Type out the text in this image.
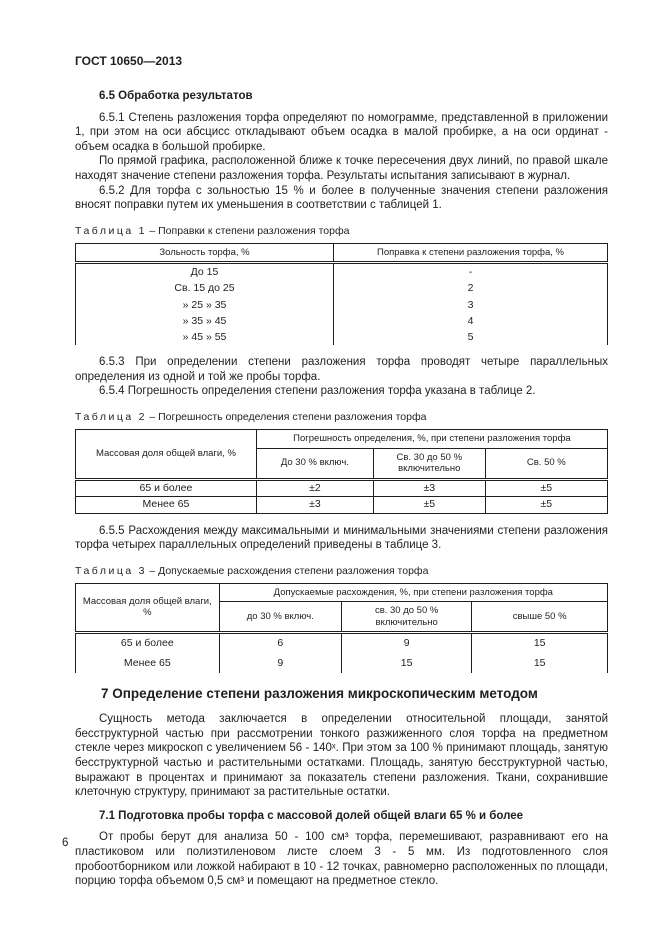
ГОСТ 10650—2013
6.5 Обработка результатов

6.5.1 Степень разложения торфа определяют по номограмме, представленной в приложении 1, при этом на оси абсцисс откладывают объем осадка в малой пробирке, а на оси ординат - объем осадка в большой пробирке.

По прямой графика, расположенной ближе к точке пересечения двух линий, по правой шкале находят значение степени разложения торфа. Результаты испытания записывают в журнал.

6.5.2 Для торфа с зольностью 15 % и более в полученные значения степени разложения вносят поправки путем их уменьшения в соответствии с таблицей 1.

Таблица 1 – Поправки к степени разложения торфа
Зольность торфа, %	Поправка к степени разложения торфа, %
До 15	-
Св. 15 до 25	2
» 25 » 35	3
» 35 » 45	4
» 45 » 55	5

6.5.3 При определении степени разложения торфа проводят четыре параллельных определения из одной и той же пробы торфа.

6.5.4 Погрешность определения степени разложения торфа указана в таблице 2.

Таблица 2 – Погрешность определения степени разложения торфа
Массовая доля общей влаги, %	Погрешность определения, %, при степени разложения торфа		
	До 30 % включ.	Св. 30 до 50 % включительно	Св. 50 %
65 и более	±2	±3	±5
Менее 65	±3	±5	±5

6.5.5 Расхождения между максимальными и минимальными значениями степени разложения торфа четырех параллельных определений приведены в таблице 3.

Таблица 3 – Допускаемые расхождения степени разложения торфа
Массовая доля общей влаги, %	Допускаемые расхождения, %, при степени разложения торфа		
	до 30 % включ.	св. 30 до 50 % включительно	свыше 50 %
65 и более	6	9	15
Менее 65	9	15	15
7 Определение степени разложения микроскопическим методом

Сущность метода заключается в определении относительной площади, занятой бесструктурной частью при рассмотрении тонкого разжиженного слоя торфа на предметном стекле через микроскоп с увеличением 56 - 140ˣ. При этом за 100 % принимают площадь, занятую бесструктурной частью и растительными остатками. Площадь, занятую бесструктурной частью, выражают в процентах и принимают за показатель степени разложения. Ткани, сохранившие клеточную структуру, принимают за растительные остатки.

7.1 Подготовка пробы торфа с массовой долей общей влаги 65 % и более

От пробы берут для анализа 50 - 100 см³ торфа, перемешивают, разравнивают его на пластиковом или полиэтиленовом листе слоем 3 - 5 мм. Из подготовленного слоя пробоотборником или ложкой набирают в 10 - 12 точках, равномерно расположенных по площади, порцию торфа объемом 0,5 см³ и помещают на предметное стекло.

6
